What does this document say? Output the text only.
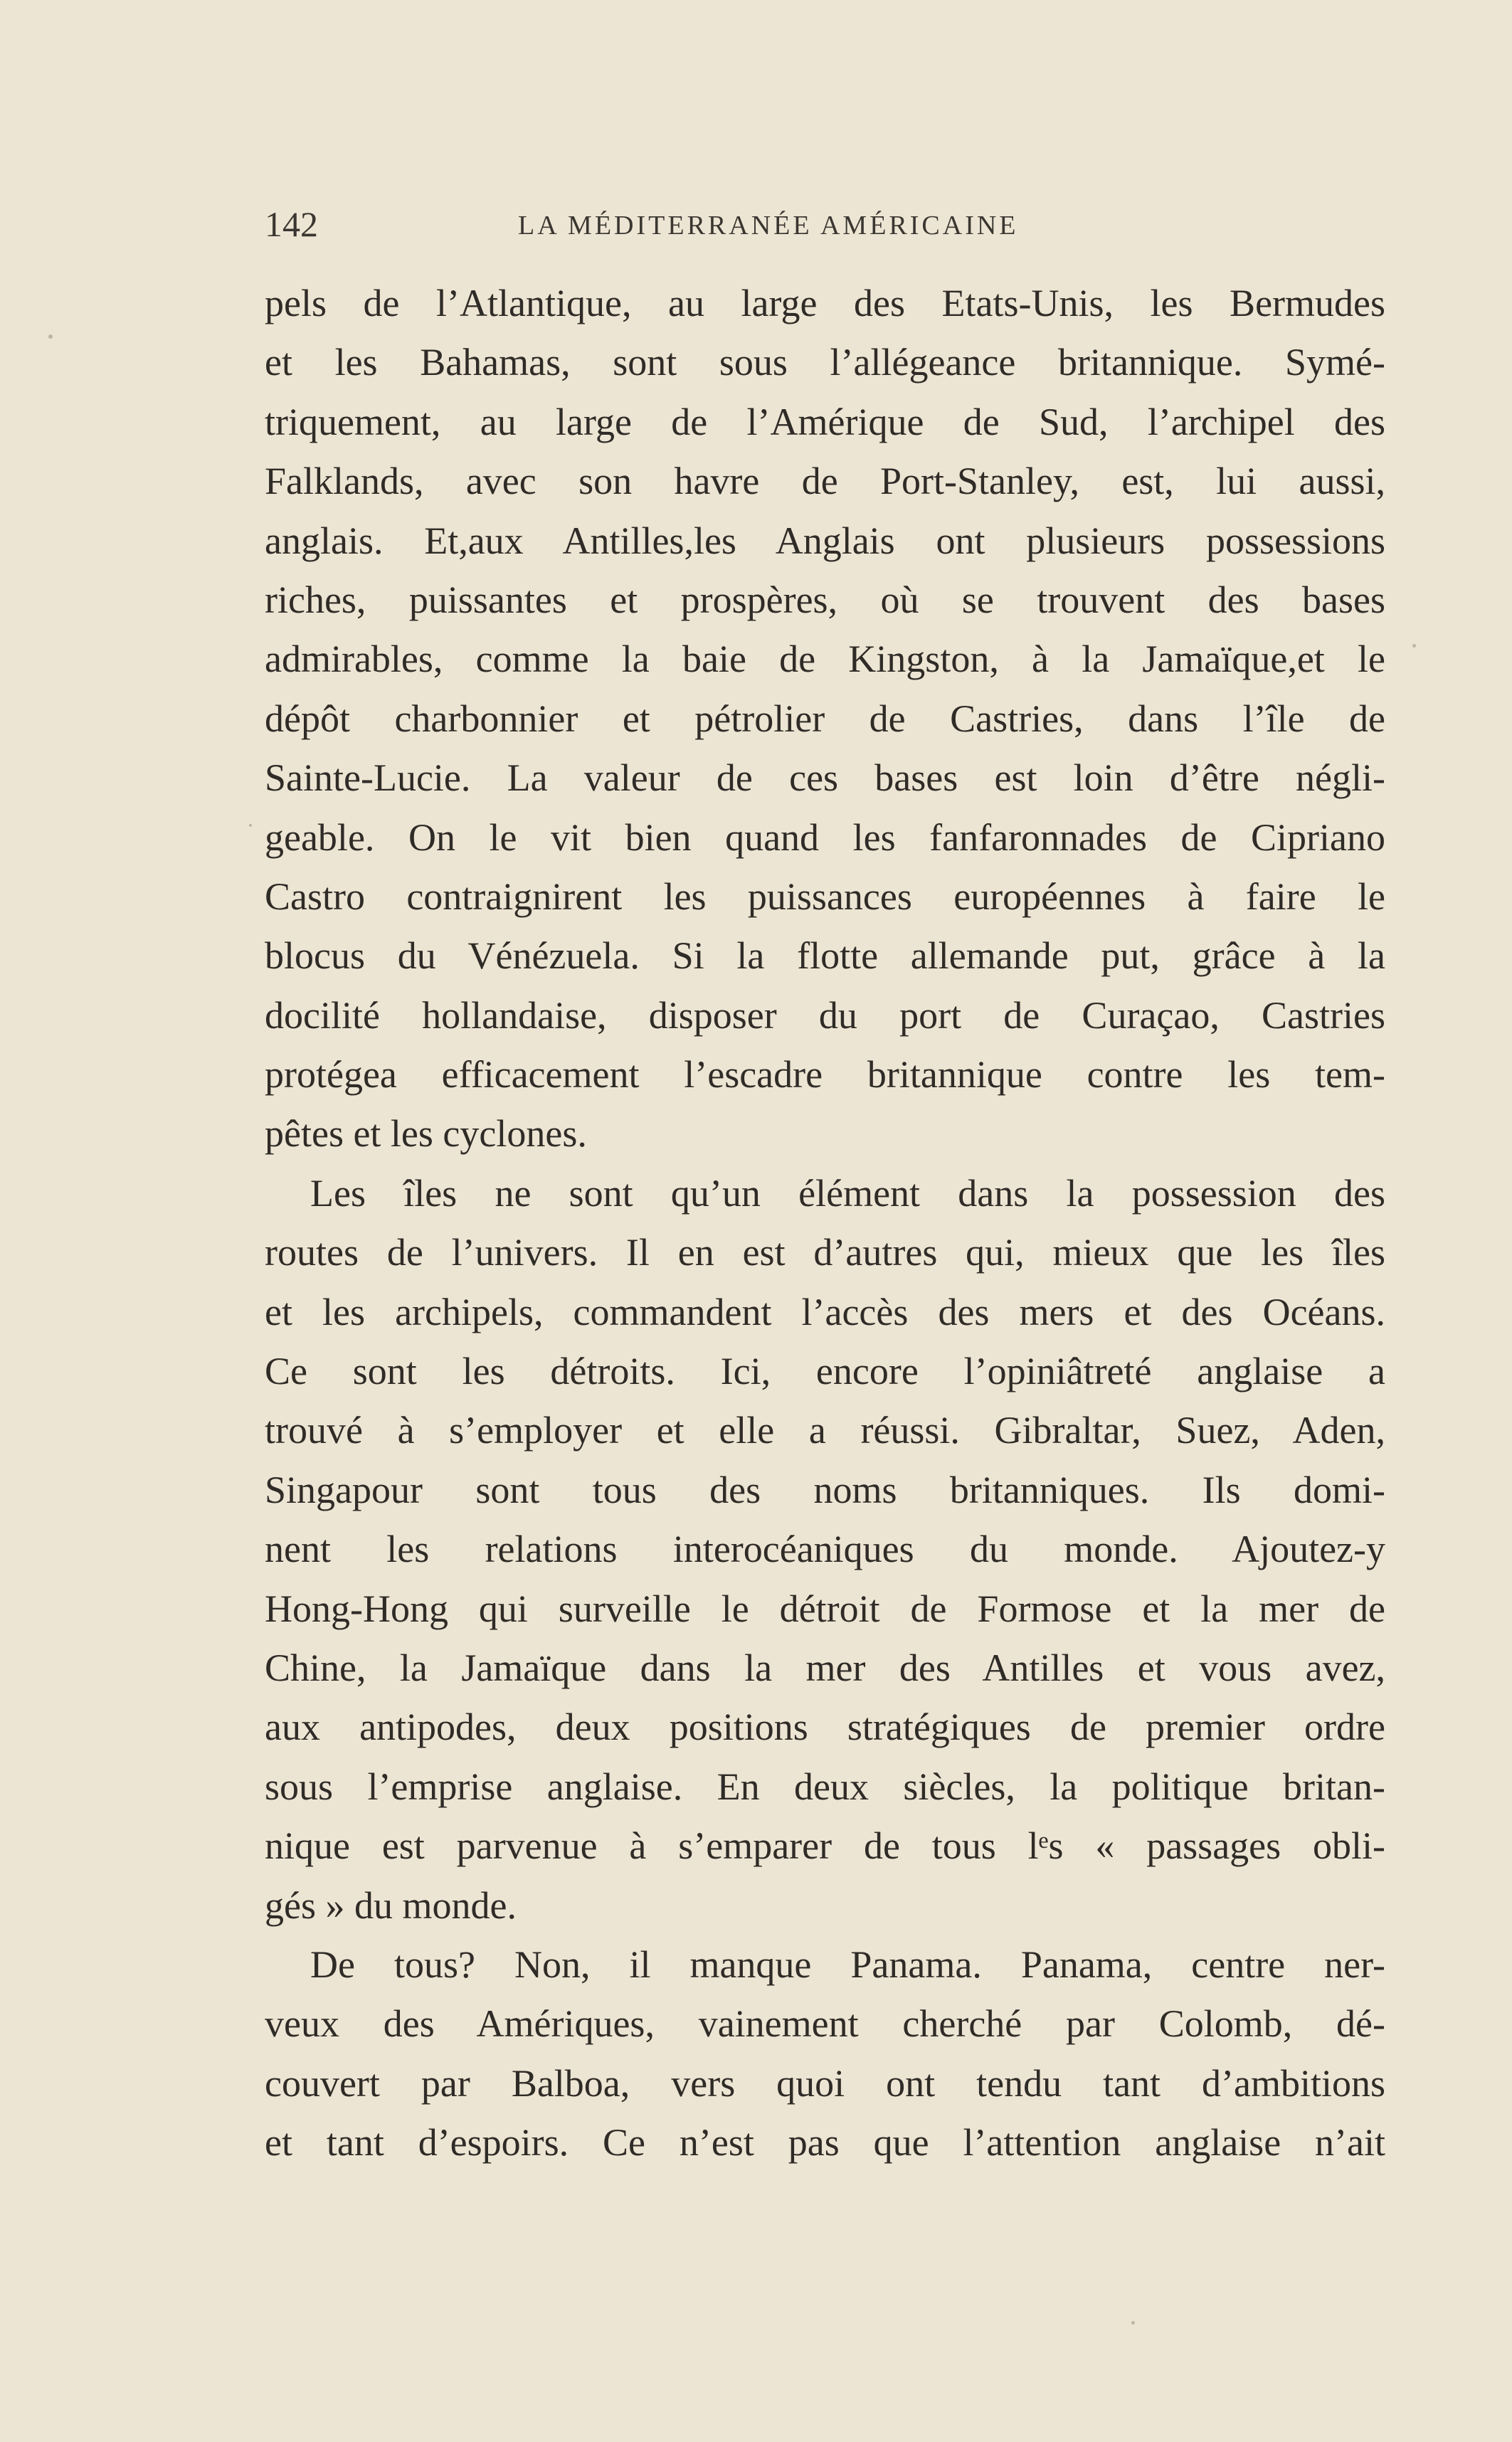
142	LA MÉDITERRANÉE AMÉRICAINE
pels de l’Atlantique, au large des Etats-Unis, les Bermudes
et les Bahamas, sont sous l’allégeance britannique. Symé-
triquement, au large de l’Amérique de Sud, l’archipel des
Falklands, avec son havre de Port-Stanley, est, lui aussi,
anglais. Et,aux Antilles,les Anglais ont plusieurs possessions
riches, puissantes et prospères, où se trouvent des bases
admirables, comme la baie de Kingston, à la Jamaïque,et le
dépôt charbonnier et pétrolier de Castries, dans l’île de
Sainte-Lucie. La valeur de ces bases est loin d’être négli-
geable. On le vit bien quand les fanfaronnades de Cipriano
Castro contraignirent les puissances européennes à faire le
blocus du Vénézuela. Si la flotte allemande put, grâce à la
docilité hollandaise, disposer du port de Curaçao, Castries
protégea efficacement l’escadre britannique contre les tem-
pêtes et les cyclones.
Les îles ne sont qu’un élément dans la possession des
routes de l’univers. Il en est d’autres qui, mieux que les îles
et les archipels, commandent l’accès des mers et des Océans.
Ce sont les détroits. Ici, encore l’opiniâtreté anglaise a
trouvé à s’employer et elle a réussi. Gibraltar, Suez, Aden,
Singapour sont tous des noms britanniques. Ils domi-
nent les relations interocéaniques du monde. Ajoutez-y
Hong-Hong qui surveille le détroit de Formose et la mer de
Chine, la Jamaïque dans la mer des Antilles et vous avez,
aux antipodes, deux positions stratégiques de premier ordre
sous l’emprise anglaise. En deux siècles, la politique britan-
nique est parvenue à s’emparer de tous lᵉs « passages obli-
gés » du monde.
De tous? Non, il manque Panama. Panama, centre ner-
veux des Amériques, vainement cherché par Colomb, dé-
couvert par Balboa, vers quoi ont tendu tant d’ambitions
et tant d’espoirs. Ce n’est pas que l’attention anglaise n’ait
